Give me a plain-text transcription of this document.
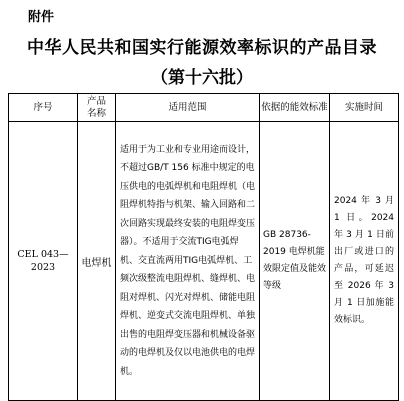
附件
中华人民共和国实行能源效率标识的产品目录
（第十六批）
序号	产品名称	适用范围	依据的能效标准	实施时间
CEL 043—2023	电焊机	适用于为工业和专业用途而设计，不超过GB/T 156 标准中规定的电压供电的电弧焊机和电阻焊机（电阻焊机特指与机架、输入回路和二次回路实现最终安装的电阻焊变压器）。不适用于交流TIG电弧焊机、交直流两用TIG电弧焊机、工频次级整流电阻焊机、缝焊机、电阻对焊机、闪光对焊机、储能电阻焊机、逆变式交流电阻焊机、单独出售的电阻焊变压器和机械设备驱动的电焊机及仅以电池供电的电焊机。	GB 28736-2019 电焊机能效限定值及能效等级	2024 年 3 月 1 日。2024 年 3 月 1 日前出厂或进口的产品，可延迟至 2026 年 3 月 1 日加施能效标识。
